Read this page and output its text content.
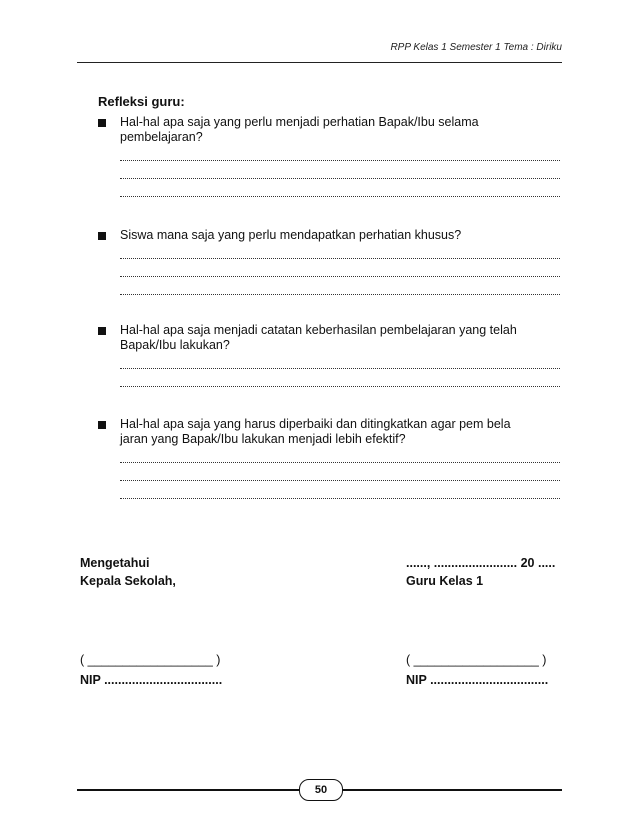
RPP Kelas 1 Semester 1 Tema : Diriku
Refleksi guru:
Hal-hal apa saja yang perlu menjadi perhatian Bapak/Ibu selama pembelajaran?
Siswa mana saja yang perlu mendapatkan perhatian khusus?
Hal-hal apa saja menjadi catatan keberhasilan pembelajaran yang telah Bapak/Ibu lakukan?
Hal-hal apa saja yang harus diperbaiki dan ditingkatkan agar pem bela jaran yang Bapak/Ibu lakukan menjadi lebih efektif?
Mengetahui
Kepala Sekolah,
( __________________ )
NIP ..................................
......, ........................ 20 .....
Guru Kelas 1
( __________________ )
NIP ..................................
50
